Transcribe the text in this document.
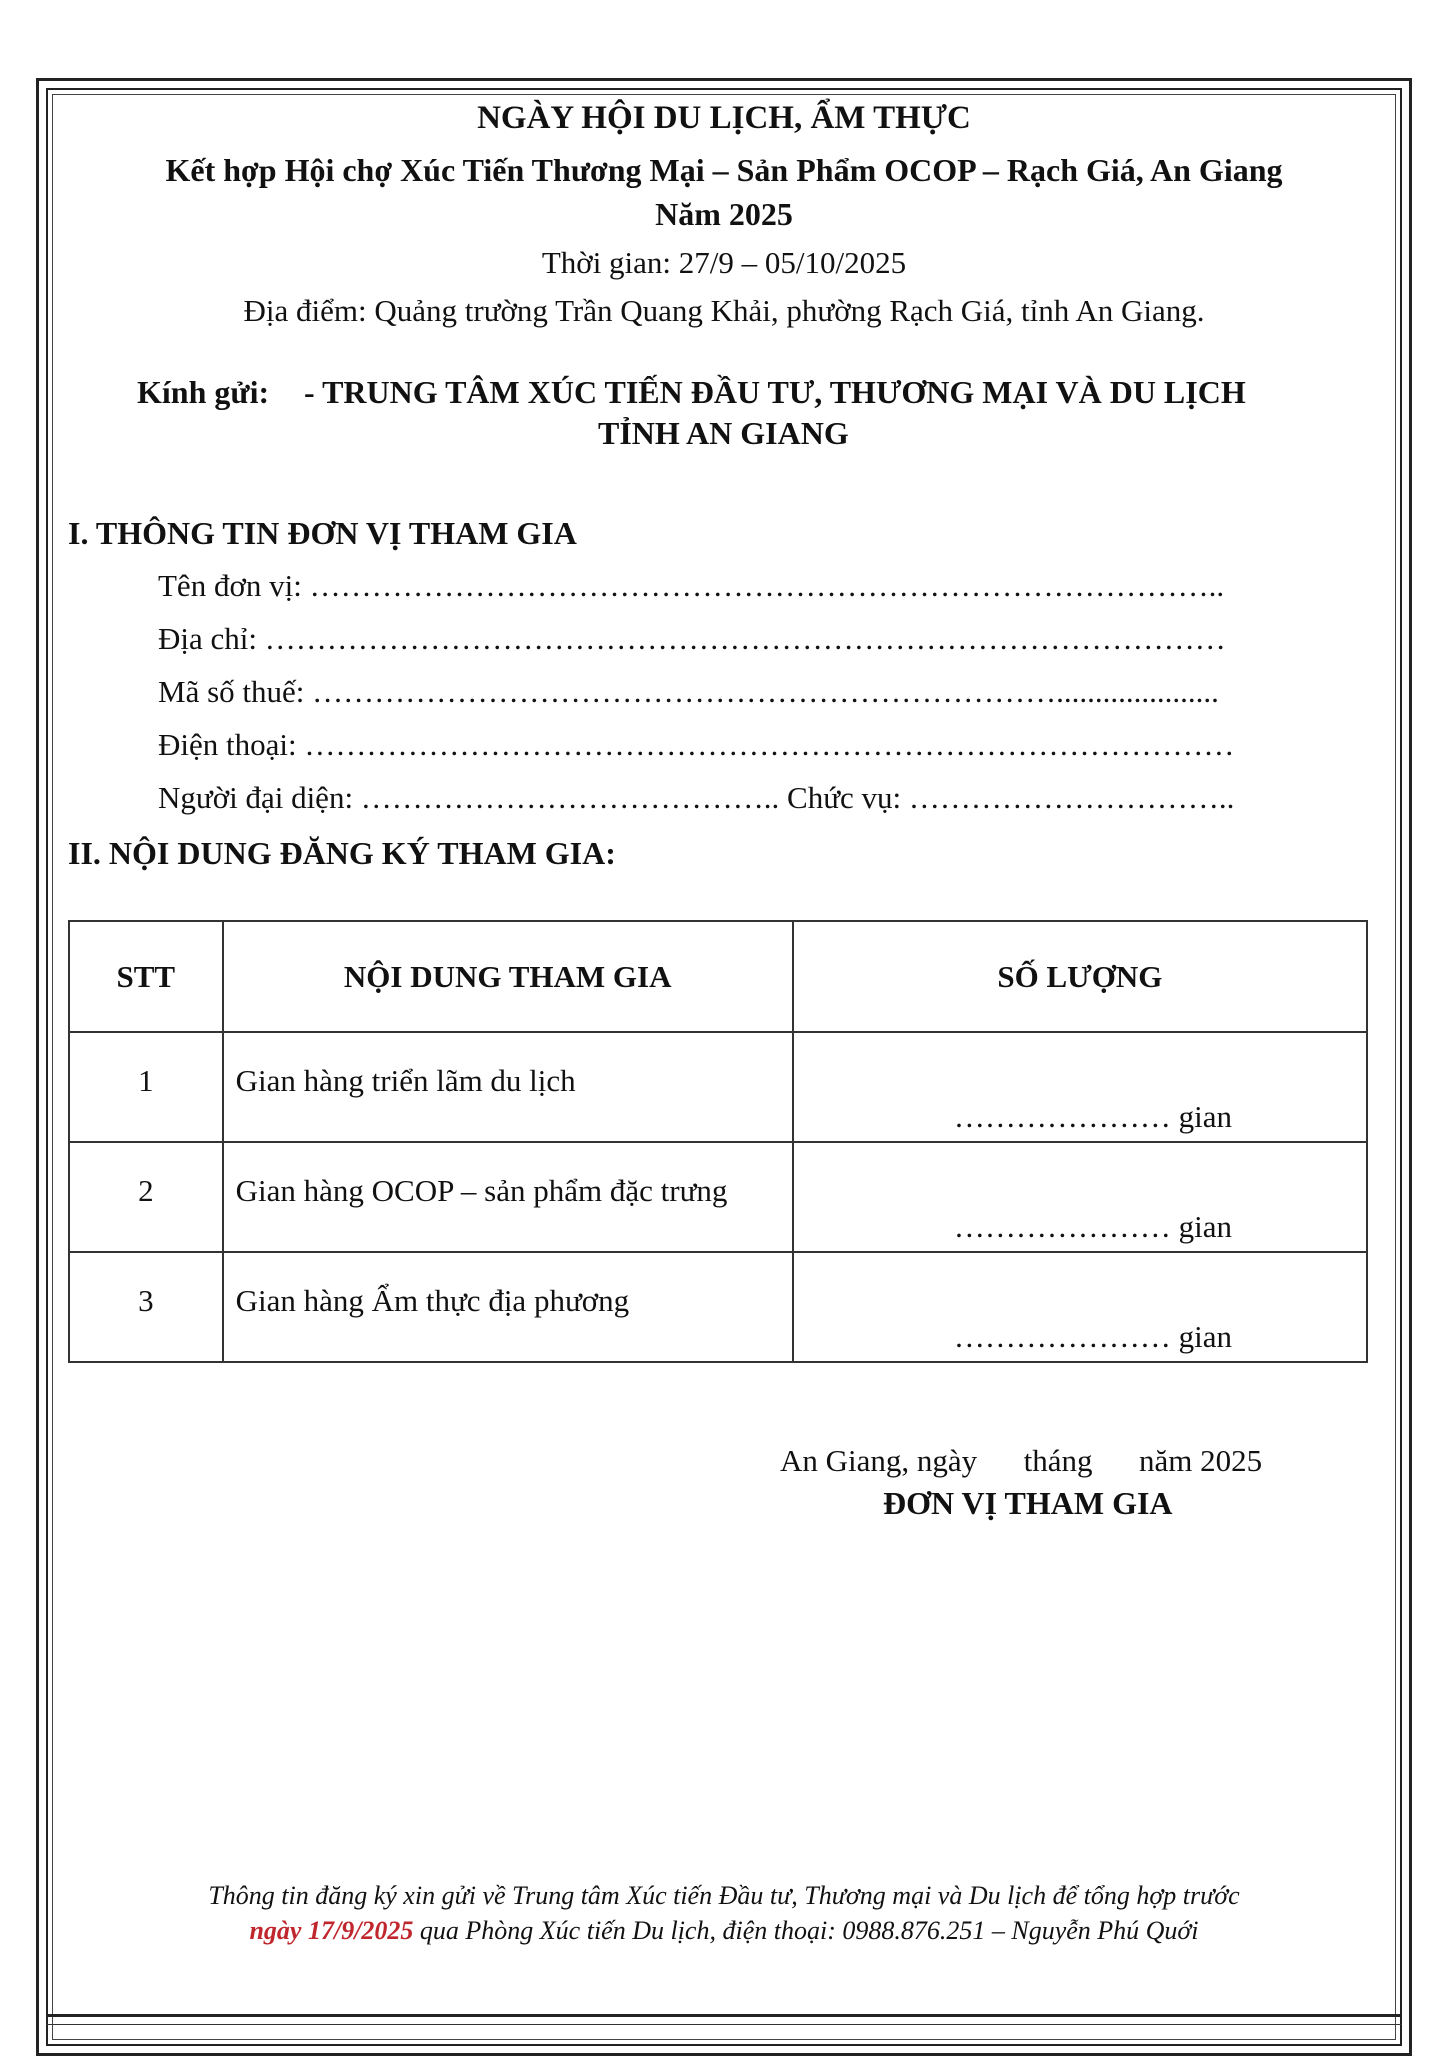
NGÀY HỘI DU LỊCH, ẨM THỰC
Kết hợp Hội chợ Xúc Tiến Thương Mại – Sản Phẩm OCOP – Rạch Giá, An Giang
Năm 2025
Thời gian: 27/9 – 05/10/2025
Địa điểm: Quảng trường Trần Quang Khải, phường Rạch Giá, tỉnh An Giang.
Kính gửi: - TRUNG TÂM XÚC TIẾN ĐẦU TƯ, THƯƠNG MẠI VÀ DU LỊCH
TỈNH AN GIANG
I. THÔNG TIN ĐƠN VỊ THAM GIA
Tên đơn vị: ……………………………………………………………………………..
Địa chỉ: …………………………………………………………………………………
Mã số thuế: ……………………………………………………………….....................
Điện thoại: ………………………………………………………………………………
Người đại diện: ………………………………….. Chức vụ: …………………………..
II. NỘI DUNG ĐĂNG KÝ THAM GIA:
STT	NỘI DUNG THAM GIA	SỐ LƯỢNG

1	Gian hàng triển lãm du lịch	………………… gian

2	Gian hàng OCOP – sản phẩm đặc trưng	………………… gian

3	Gian hàng Ẩm thực địa phương	………………… gian
An Giang, ngày      tháng      năm 2025
ĐƠN VỊ THAM GIA
Thông tin đăng ký xin gửi về Trung tâm Xúc tiến Đầu tư, Thương mại và Du lịch để tổng hợp trước
ngày 17/9/2025 qua Phòng Xúc tiến Du lịch, điện thoại: 0988.876.251 – Nguyễn Phú Quới
